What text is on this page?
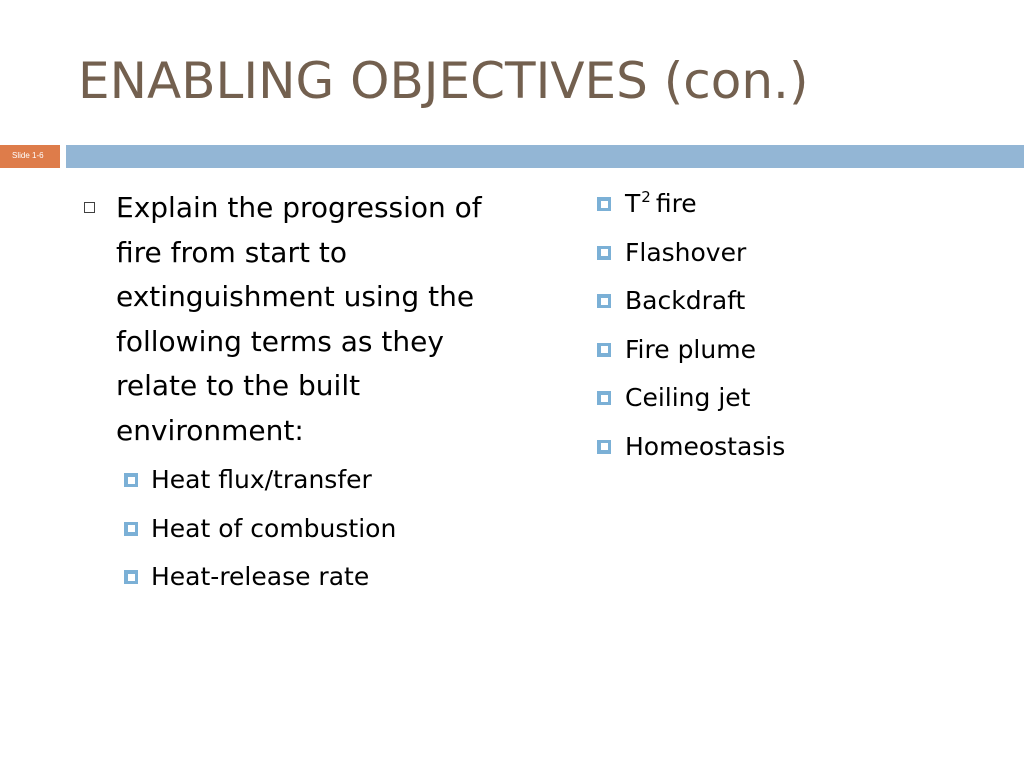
ENABLING OBJECTIVES (con.)
Slide 1-6
Explain the progression of fire from start to extinguishment using the following terms as they relate to the built environment:
Heat flux/transfer
Heat of combustion
Heat-release rate
$T^2$ fire
Flashover
Backdraft
Fire plume
Ceiling jet
Homeostasis
